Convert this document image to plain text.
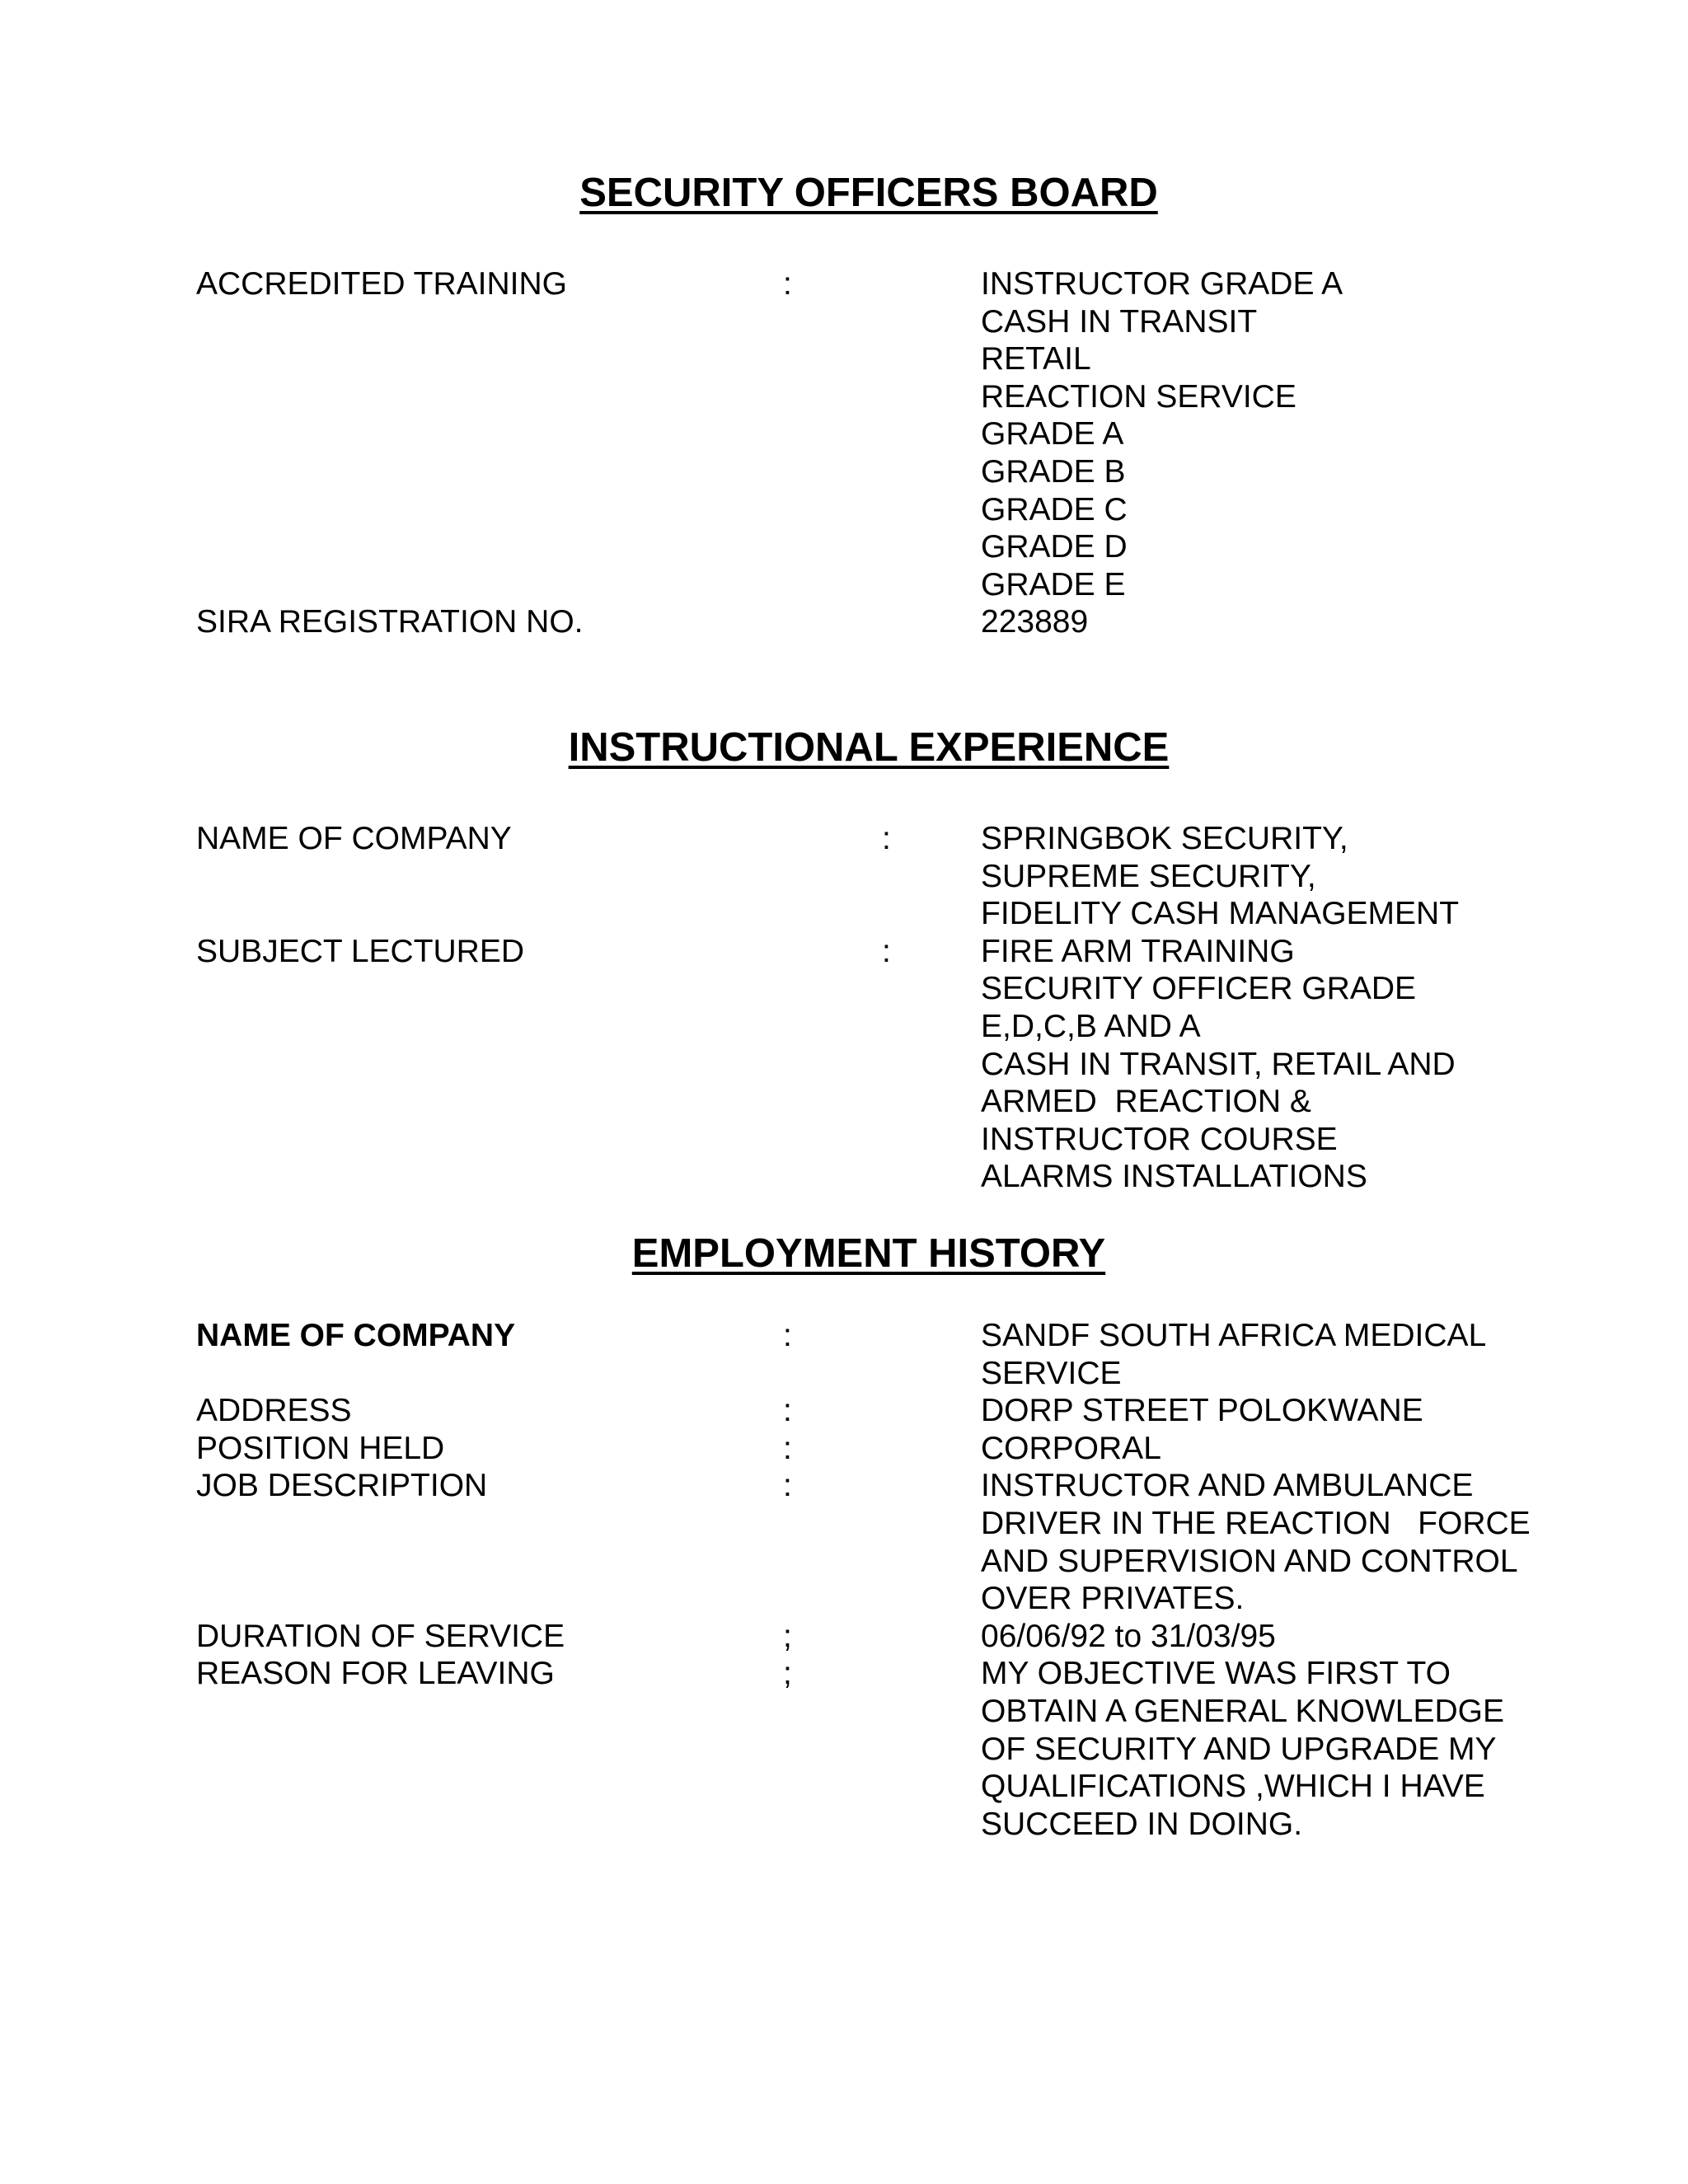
SECURITY OFFICERS BOARD
ACCREDITED TRAINING	:	INSTRUCTOR GRADE A
CASH IN TRANSIT
RETAIL
REACTION SERVICE
GRADE A
GRADE B
GRADE C
GRADE D
GRADE E
SIRA REGISTRATION NO.	223889
INSTRUCTIONAL EXPERIENCE
NAME OF COMPANY	:	SPRINGBOK SECURITY,
SUPREME SECURITY,
FIDELITY CASH MANAGEMENT
SUBJECT LECTURED	:	FIRE ARM TRAINING
SECURITY OFFICER GRADE
E,D,C,B AND A
CASH IN TRANSIT, RETAIL AND
ARMED  REACTION &
INSTRUCTOR COURSE
ALARMS INSTALLATIONS
EMPLOYMENT HISTORY
NAME OF COMPANY	:	SANDF SOUTH AFRICA MEDICAL
SERVICE
ADDRESS	:	DORP STREET POLOKWANE
POSITION HELD	:	CORPORAL
JOB DESCRIPTION	:	INSTRUCTOR AND AMBULANCE
DRIVER IN THE REACTION   FORCE
AND SUPERVISION AND CONTROL
OVER PRIVATES.
DURATION OF SERVICE	;	06/06/92 to 31/03/95
REASON FOR LEAVING	;	MY OBJECTIVE WAS FIRST TO
OBTAIN A GENERAL KNOWLEDGE
OF SECURITY AND UPGRADE MY
QUALIFICATIONS ,WHICH I HAVE
SUCCEED IN DOING.
